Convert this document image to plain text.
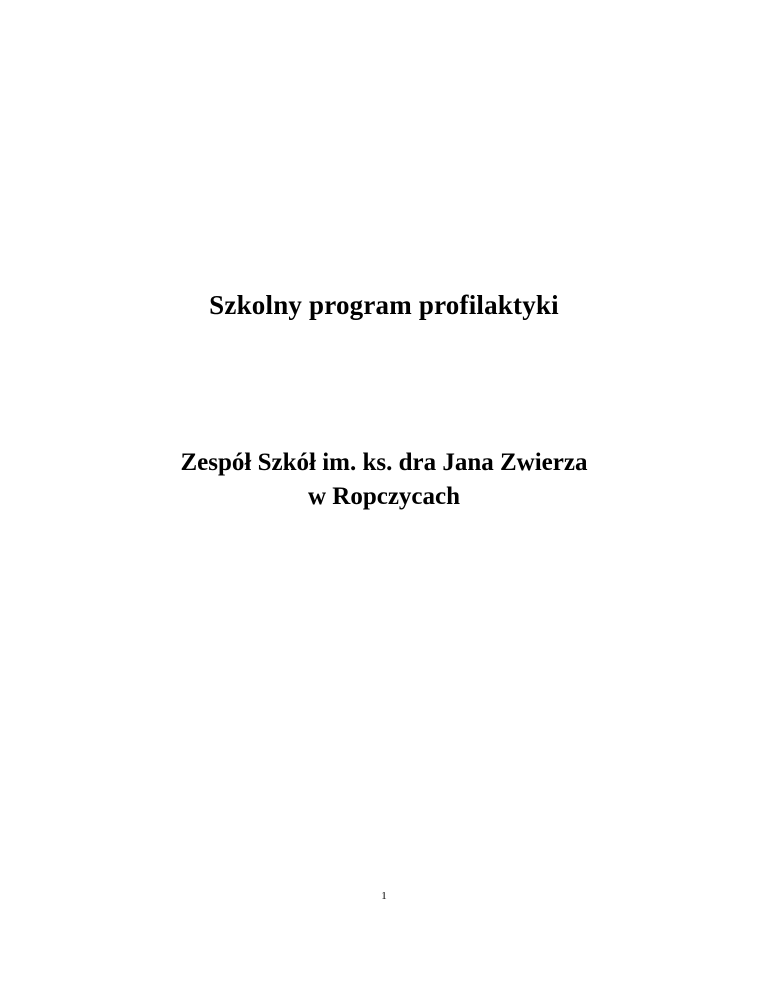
Szkolny program profilaktyki
Zespół Szkół im. ks. dra Jana Zwierza
w Ropczycach
1
